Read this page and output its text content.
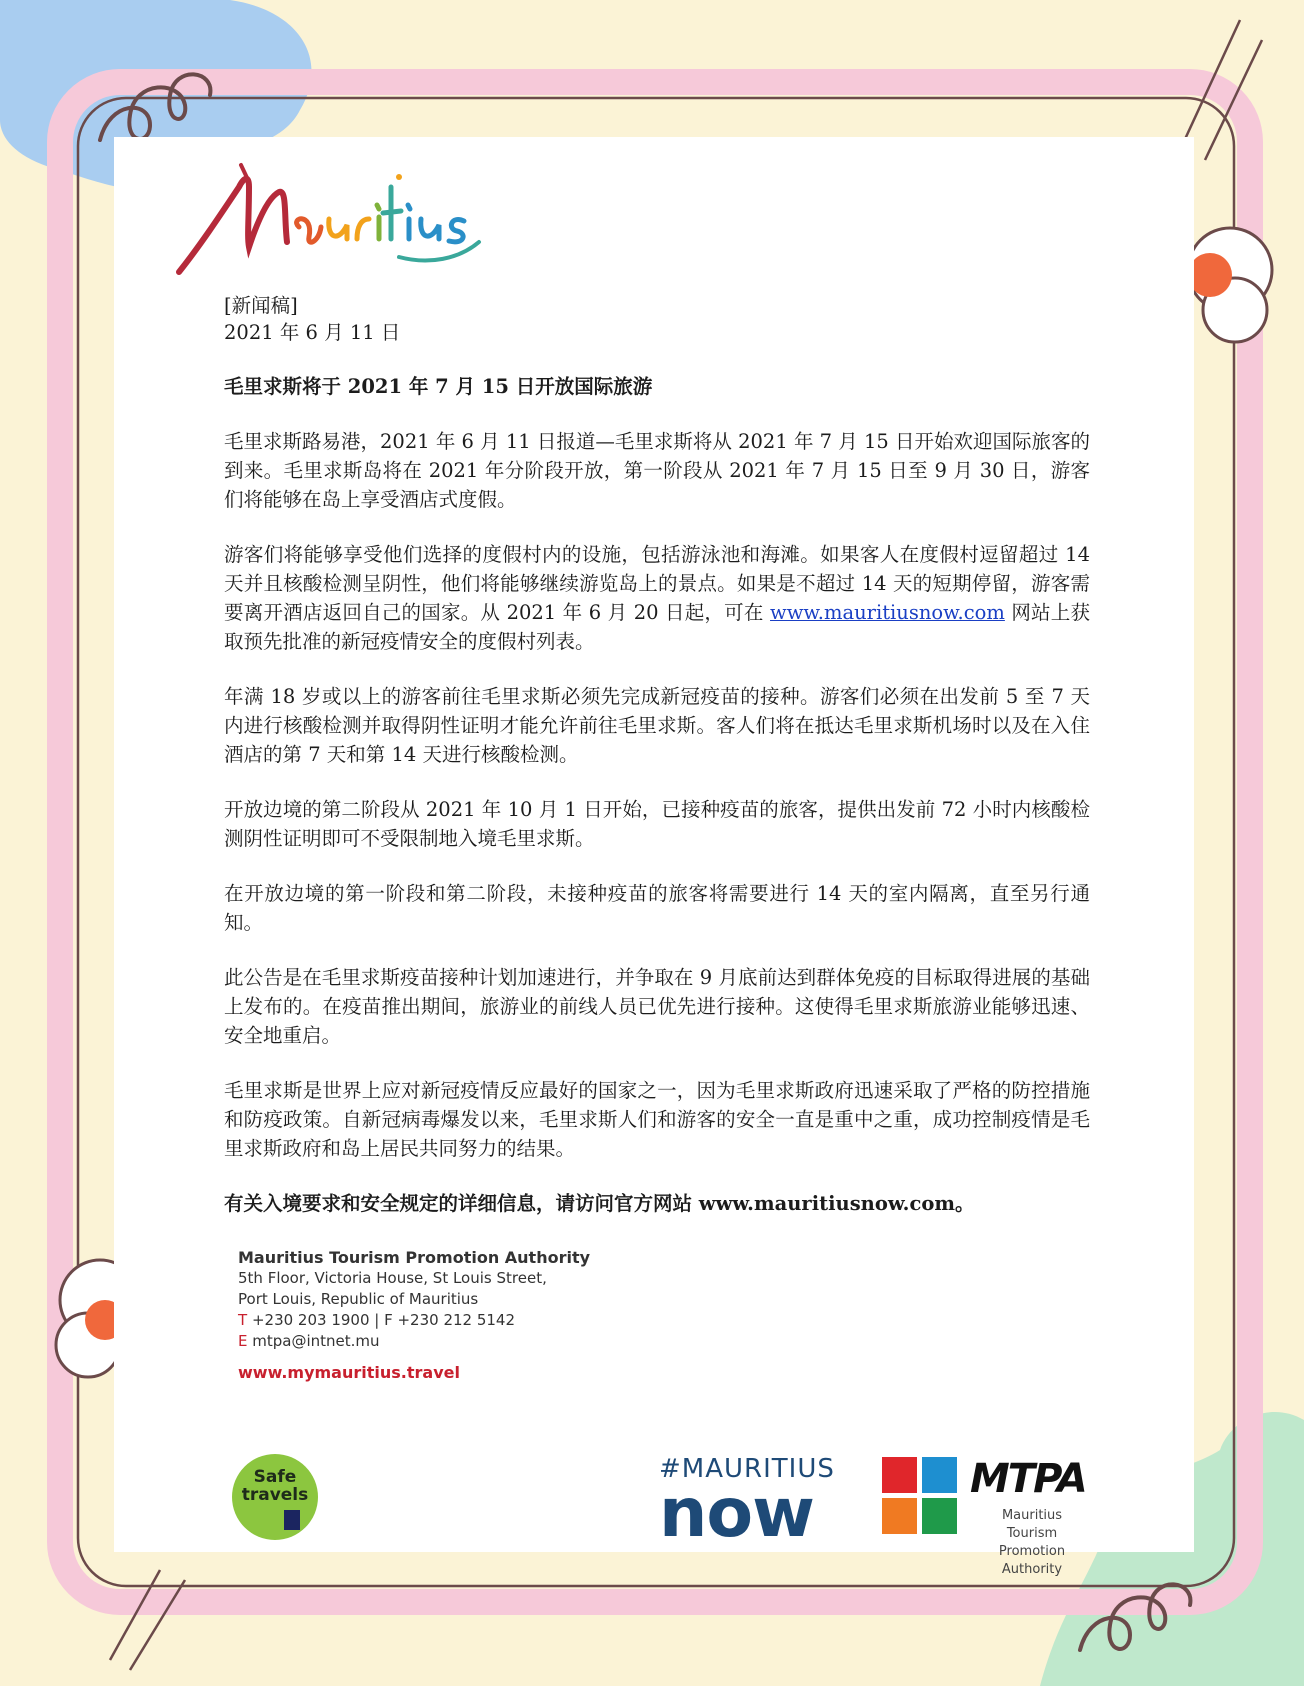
[新闻稿]
2021 年 6 月 11 日

毛里求斯将于 2021 年 7 月 15 日开放国际旅游

毛里求斯路易港，2021 年 6 月 11 日报道—毛里求斯将从 2021 年 7 月 15 日开始欢迎国际旅客的到来。毛里求斯岛将在 2021 年分阶段开放，第一阶段从 2021 年 7 月 15 日至 9 月 30 日，游客们将能够在岛上享受酒店式度假。

游客们将能够享受他们选择的度假村内的设施，包括游泳池和海滩。如果客人在度假村逗留超过 14 天并且核酸检测呈阴性，他们将能够继续游览岛上的景点。如果是不超过 14 天的短期停留，游客需要离开酒店返回自己的国家。从 2021 年 6 月 20 日起，可在 www.mauritiusnow.com 网站上获取预先批准的新冠疫情安全的度假村列表。

年满 18 岁或以上的游客前往毛里求斯必须先完成新冠疫苗的接种。游客们必须在出发前 5 至 7 天内进行核酸检测并取得阴性证明才能允许前往毛里求斯。客人们将在抵达毛里求斯机场时以及在入住酒店的第 7 天和第 14 天进行核酸检测。

开放边境的第二阶段从 2021 年 10 月 1 日开始，已接种疫苗的旅客，提供出发前 72 小时内核酸检测阴性证明即可不受限制地入境毛里求斯。

在开放边境的第一阶段和第二阶段，未接种疫苗的旅客将需要进行 14 天的室内隔离，直至另行通知。

此公告是在毛里求斯疫苗接种计划加速进行，并争取在 9 月底前达到群体免疫的目标取得进展的基础上发布的。在疫苗推出期间，旅游业的前线人员已优先进行接种。这使得毛里求斯旅游业能够迅速、安全地重启。

毛里求斯是世界上应对新冠疫情反应最好的国家之一，因为毛里求斯政府迅速采取了严格的防控措施和防疫政策。自新冠病毒爆发以来，毛里求斯人们和游客的安全一直是重中之重，成功控制疫情是毛里求斯政府和岛上居民共同努力的结果。

有关入境要求和安全规定的详细信息，请访问官方网站 www.mauritiusnow.com。

Mauritius Tourism Promotion Authority
5th Floor, Victoria House, St Louis Street,
Port Louis, Republic of Mauritius
T +230 203 1900 | F +230 212 5142
E mtpa@intnet.mu
www.mymauritius.travel
Safe
travels
#MAURITIUS
now	MTPA
Mauritius Tourism
Promotion Authority
